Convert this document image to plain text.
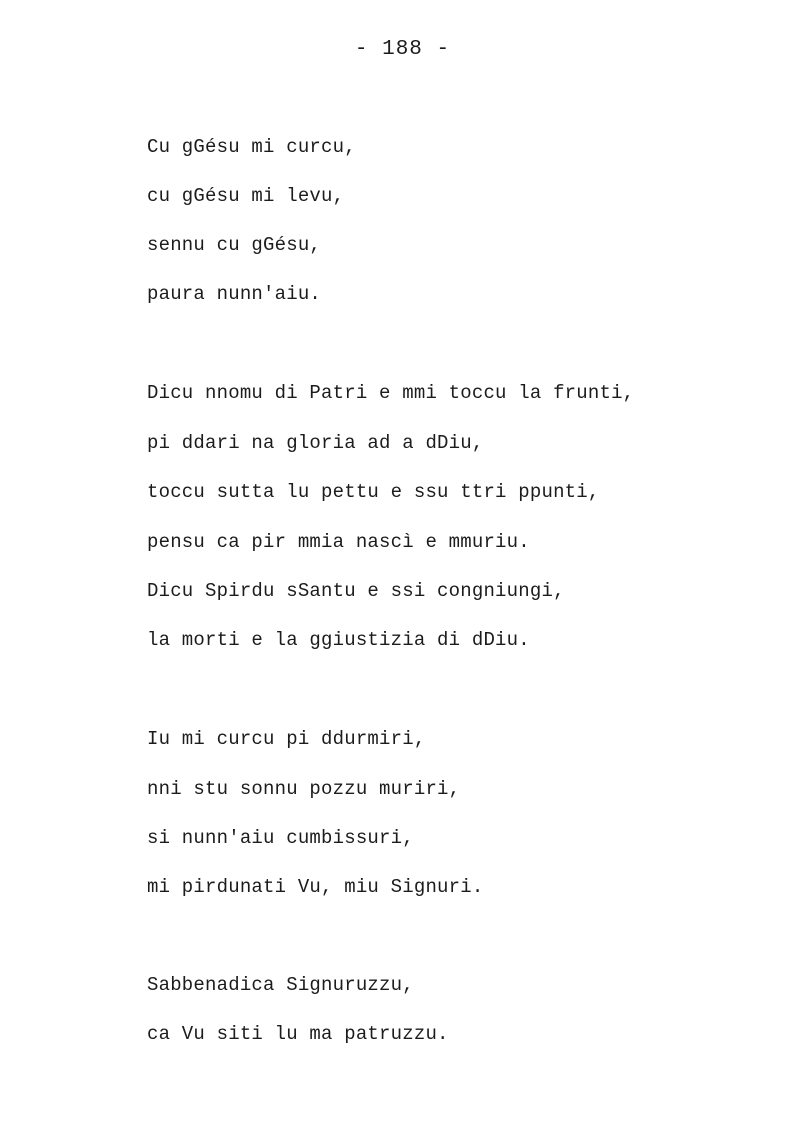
- 188 -
Cu gGésu mi curcu,
cu gGésu mi levu,
sennu cu gGésu,
paura nunn'aiu.
Dicu nnomu di Patri e mmi toccu la frunti,
pi ddari na gloria ad a dDiu,
toccu sutta lu pettu e ssu ttri ppunti,
pensu ca pir mmia nascì e mmuriu.
Dicu Spirdu sSantu e ssi congniungi,
la morti e la ggiustizia di dDiu.
Iu mi curcu pi ddurmiri,
nni stu sonnu pozzu muriri,
si nunn'aiu cumbissuri,
mi pirdunati Vu, miu Signuri.
Sabbenadica Signuruzzu,
ca Vu siti lu ma patruzzu.
